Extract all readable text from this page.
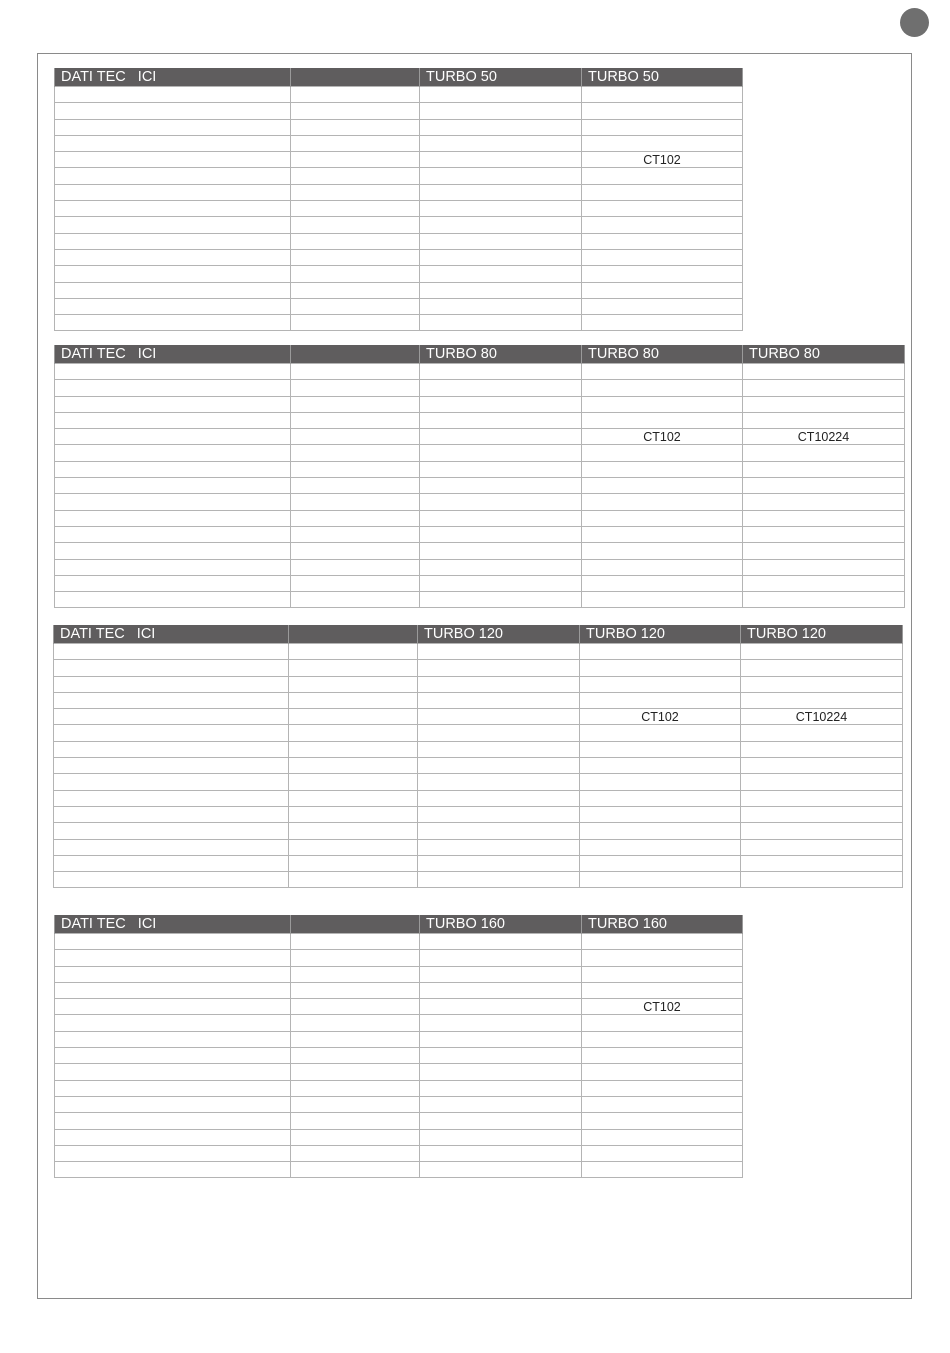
DATI TEC   ICI		TURBO 50	TURBO 50

			CT102

DATI TEC   ICI		TURBO 80	TURBO 80	TURBO 80

			CT102	CT10224

DATI TEC   ICI		TURBO 120	TURBO 120	TURBO 120

			CT102	CT10224

DATI TEC   ICI		TURBO 160	TURBO 160

			CT102
